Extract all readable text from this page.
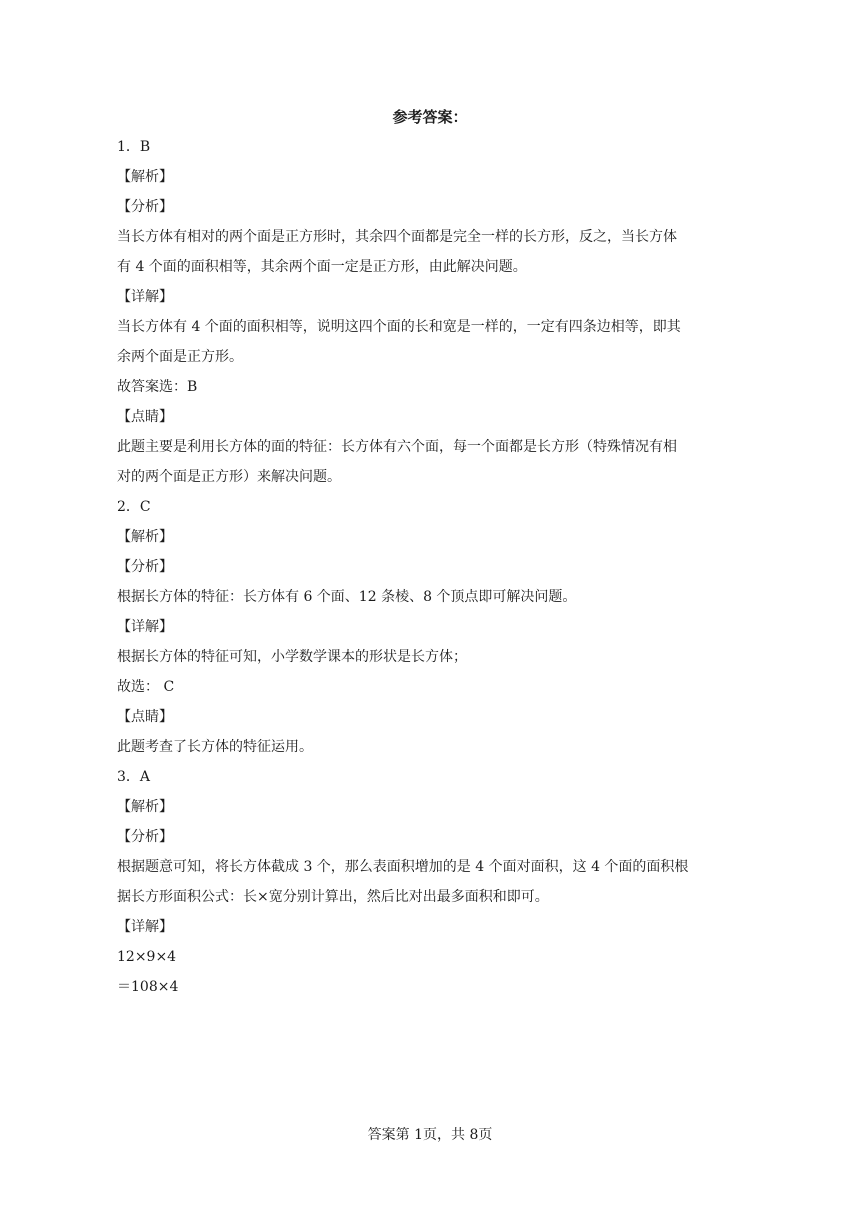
参考答案：

1．B

【解析】

【分析】

当长方体有相对的两个面是正方形时，其余四个面都是完全一样的长方形，反之，当长方体

有 4 个面的面积相等，其余两个面一定是正方形，由此解决问题。

【详解】

当长方体有 4 个面的面积相等，说明这四个面的长和宽是一样的，一定有四条边相等，即其

余两个面是正方形。

故答案选：B

【点睛】

此题主要是利用长方体的面的特征：长方体有六个面，每一个面都是长方形（特殊情况有相

对的两个面是正方形）来解决问题。

2．C

【解析】

【分析】

根据长方体的特征：长方体有 6 个面、12 条棱、8 个顶点即可解决问题。

【详解】

根据长方体的特征可知，小学数学课本的形状是长方体；

故选： C

【点睛】

此题考查了长方体的特征运用。

3．A

【解析】

【分析】

根据题意可知，将长方体截成 3 个，那么表面积增加的是 4 个面对面积，这 4 个面的面积根

据长方形面积公式：长×宽分别计算出，然后比对出最多面积和即可。

【详解】

12×9×4

＝108×4

答案第 1页，共 8页
